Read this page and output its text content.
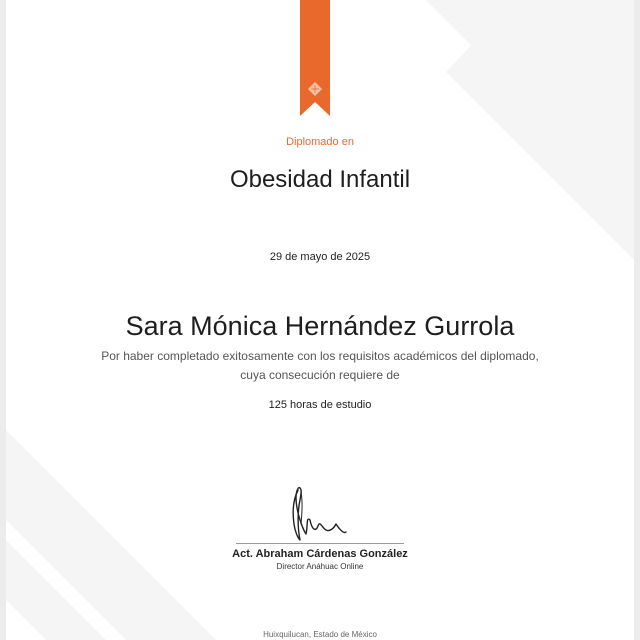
Diplomado en
Obesidad Infantil
29 de mayo de 2025
Sara Mónica Hernández Gurrola
Por haber completado exitosamente con los requisitos académicos del diplomado,
cuya consecución requiere de
125 horas de estudio
Act. Abraham Cárdenas González
Director Anáhuac Online
Huixquilucan, Estado de México
